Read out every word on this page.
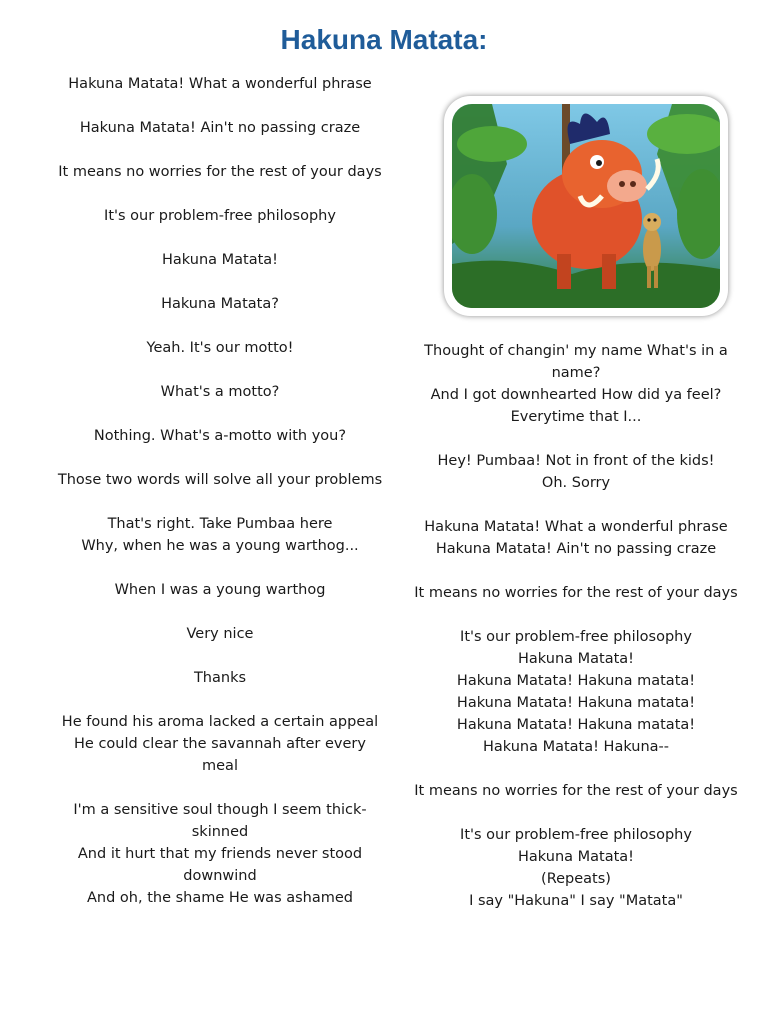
Hakuna Matata:

Hakuna Matata! What a wonderful phrase

Hakuna Matata! Ain't no passing craze

It means no worries for the rest of your days

It's our problem-free philosophy

Hakuna Matata!

Hakuna Matata?

Yeah. It's our motto!

What's a motto?

Nothing. What's a-motto with you?

Those two words will solve all your problems

That's right. Take Pumbaa here
Why, when he was a young warthog...

When I was a young warthog

Very nice

Thanks

He found his aroma lacked a certain appeal
He could clear the savannah after every meal

I'm a sensitive soul though I seem thick-skinned
And it hurt that my friends never stood downwind
And oh, the shame He was ashamed

Thought of changin' my name What's in a name?
And I got downhearted How did ya feel?
Everytime that I...

Hey! Pumbaa! Not in front of the kids!
Oh. Sorry

Hakuna Matata! What a wonderful phrase
Hakuna Matata! Ain't no passing craze

It means no worries for the rest of your days

It's our problem-free philosophy
Hakuna Matata!
Hakuna Matata! Hakuna matata!
Hakuna Matata! Hakuna matata!
Hakuna Matata! Hakuna matata!
Hakuna Matata! Hakuna--

It means no worries for the rest of your days

It's our problem-free philosophy
Hakuna Matata!
(Repeats)
I say "Hakuna" I say "Matata"
